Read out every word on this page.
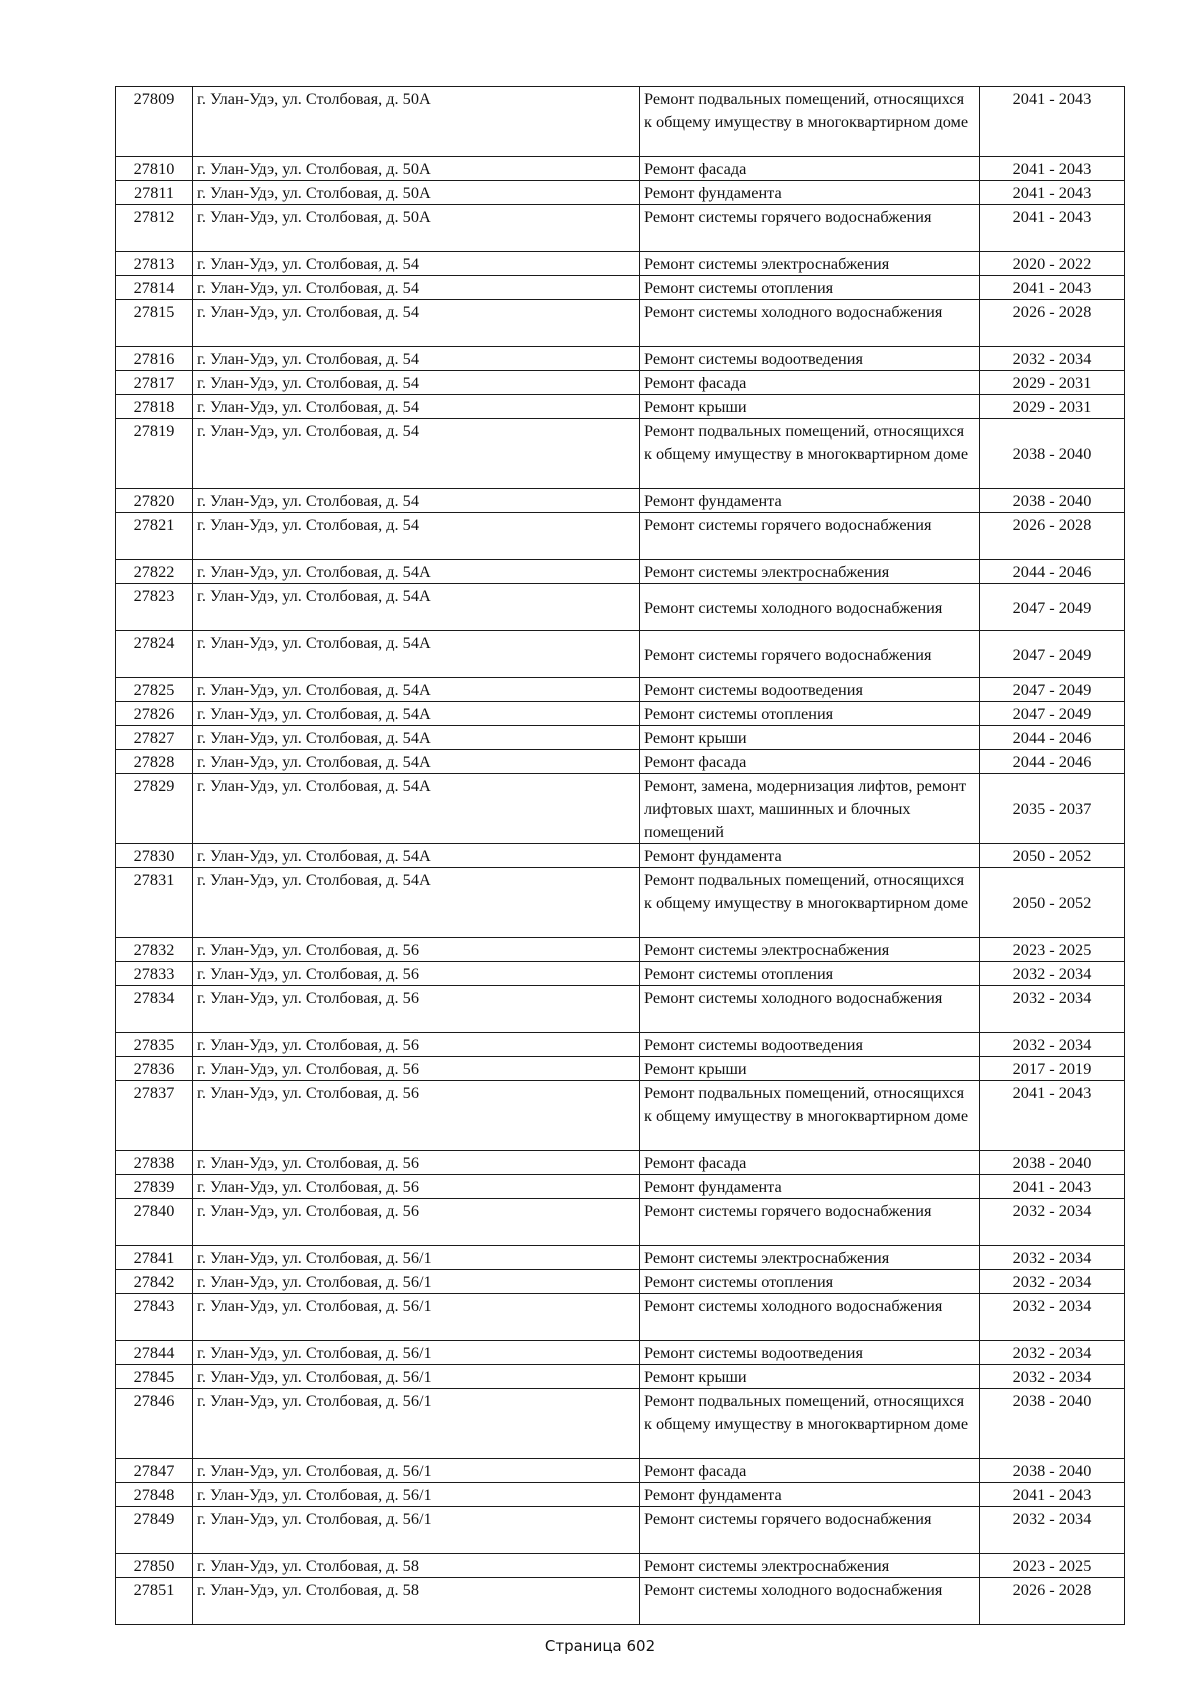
27809	г. Улан-Удэ, ул. Столбовая, д. 50А	Ремонт подвальных помещений, относящихся к общему имуществу в многоквартирном доме	2041 - 2043
27810	г. Улан-Удэ, ул. Столбовая, д. 50А	Ремонт фасада	2041 - 2043
27811	г. Улан-Удэ, ул. Столбовая, д. 50А	Ремонт фундамента	2041 - 2043
27812	г. Улан-Удэ, ул. Столбовая, д. 50А	Ремонт системы горячего водоснабжения	2041 - 2043
27813	г. Улан-Удэ, ул. Столбовая, д. 54	Ремонт системы электроснабжения	2020 - 2022
27814	г. Улан-Удэ, ул. Столбовая, д. 54	Ремонт системы отопления	2041 - 2043
27815	г. Улан-Удэ, ул. Столбовая, д. 54	Ремонт системы холодного водоснабжения	2026 - 2028
27816	г. Улан-Удэ, ул. Столбовая, д. 54	Ремонт системы водоотведения	2032 - 2034
27817	г. Улан-Удэ, ул. Столбовая, д. 54	Ремонт фасада	2029 - 2031
27818	г. Улан-Удэ, ул. Столбовая, д. 54	Ремонт крыши	2029 - 2031
27819	г. Улан-Удэ, ул. Столбовая, д. 54	Ремонт подвальных помещений, относящихся к общему имуществу в многоквартирном доме	2038 - 2040
27820	г. Улан-Удэ, ул. Столбовая, д. 54	Ремонт фундамента	2038 - 2040
27821	г. Улан-Удэ, ул. Столбовая, д. 54	Ремонт системы горячего водоснабжения	2026 - 2028
27822	г. Улан-Удэ, ул. Столбовая, д. 54А	Ремонт системы электроснабжения	2044 - 2046
27823	г. Улан-Удэ, ул. Столбовая, д. 54А	Ремонт системы холодного водоснабжения	2047 - 2049
27824	г. Улан-Удэ, ул. Столбовая, д. 54А	Ремонт системы горячего водоснабжения	2047 - 2049
27825	г. Улан-Удэ, ул. Столбовая, д. 54А	Ремонт системы водоотведения	2047 - 2049
27826	г. Улан-Удэ, ул. Столбовая, д. 54А	Ремонт системы отопления	2047 - 2049
27827	г. Улан-Удэ, ул. Столбовая, д. 54А	Ремонт крыши	2044 - 2046
27828	г. Улан-Удэ, ул. Столбовая, д. 54А	Ремонт фасада	2044 - 2046
27829	г. Улан-Удэ, ул. Столбовая, д. 54А	Ремонт, замена, модернизация лифтов, ремонт лифтовых шахт, машинных и блочных помещений	2035 - 2037
27830	г. Улан-Удэ, ул. Столбовая, д. 54А	Ремонт фундамента	2050 - 2052
27831	г. Улан-Удэ, ул. Столбовая, д. 54А	Ремонт подвальных помещений, относящихся к общему имуществу в многоквартирном доме	2050 - 2052
27832	г. Улан-Удэ, ул. Столбовая, д. 56	Ремонт системы электроснабжения	2023 - 2025
27833	г. Улан-Удэ, ул. Столбовая, д. 56	Ремонт системы отопления	2032 - 2034
27834	г. Улан-Удэ, ул. Столбовая, д. 56	Ремонт системы холодного водоснабжения	2032 - 2034
27835	г. Улан-Удэ, ул. Столбовая, д. 56	Ремонт системы водоотведения	2032 - 2034
27836	г. Улан-Удэ, ул. Столбовая, д. 56	Ремонт крыши	2017 - 2019
27837	г. Улан-Удэ, ул. Столбовая, д. 56	Ремонт подвальных помещений, относящихся к общему имуществу в многоквартирном доме	2041 - 2043
27838	г. Улан-Удэ, ул. Столбовая, д. 56	Ремонт фасада	2038 - 2040
27839	г. Улан-Удэ, ул. Столбовая, д. 56	Ремонт фундамента	2041 - 2043
27840	г. Улан-Удэ, ул. Столбовая, д. 56	Ремонт системы горячего водоснабжения	2032 - 2034
27841	г. Улан-Удэ, ул. Столбовая, д. 56/1	Ремонт системы электроснабжения	2032 - 2034
27842	г. Улан-Удэ, ул. Столбовая, д. 56/1	Ремонт системы отопления	2032 - 2034
27843	г. Улан-Удэ, ул. Столбовая, д. 56/1	Ремонт системы холодного водоснабжения	2032 - 2034
27844	г. Улан-Удэ, ул. Столбовая, д. 56/1	Ремонт системы водоотведения	2032 - 2034
27845	г. Улан-Удэ, ул. Столбовая, д. 56/1	Ремонт крыши	2032 - 2034
27846	г. Улан-Удэ, ул. Столбовая, д. 56/1	Ремонт подвальных помещений, относящихся к общему имуществу в многоквартирном доме	2038 - 2040
27847	г. Улан-Удэ, ул. Столбовая, д. 56/1	Ремонт фасада	2038 - 2040
27848	г. Улан-Удэ, ул. Столбовая, д. 56/1	Ремонт фундамента	2041 - 2043
27849	г. Улан-Удэ, ул. Столбовая, д. 56/1	Ремонт системы горячего водоснабжения	2032 - 2034
27850	г. Улан-Удэ, ул. Столбовая, д. 58	Ремонт системы электроснабжения	2023 - 2025
27851	г. Улан-Удэ, ул. Столбовая, д. 58	Ремонт системы холодного водоснабжения	2026 - 2028
Страница 602
